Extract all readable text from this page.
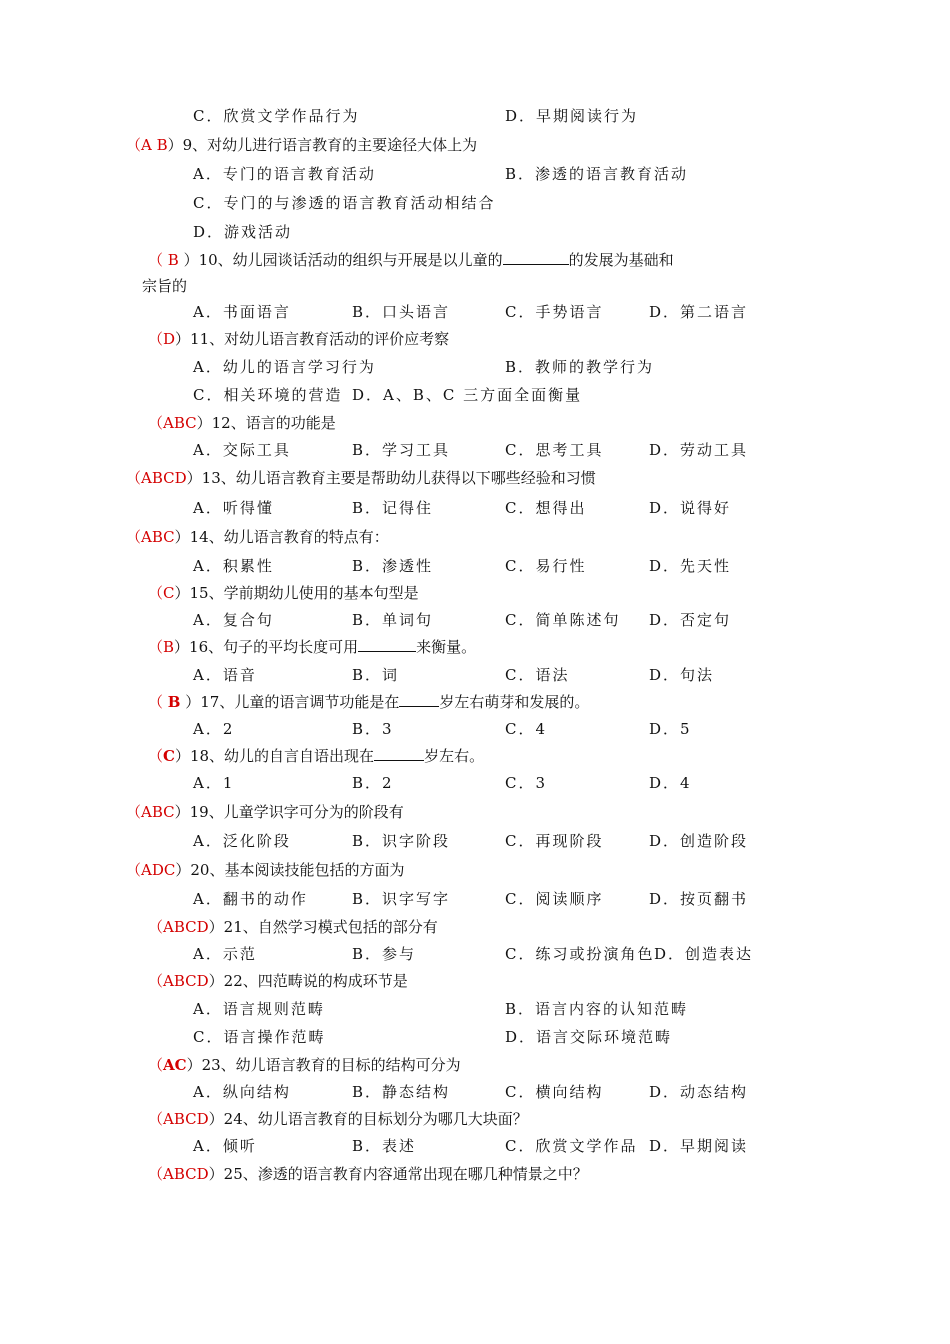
C．欣赏文学作品行为	D．早期阅读行为
（A B）9、对幼儿进行语言教育的主要途径大体上为
A．专门的语言教育活动	B．渗透的语言教育活动
C．专门的与渗透的语言教育活动相结合
D．游戏活动
（ B ）10、幼儿园谈话活动的组织与开展是以儿童的	的发展为基础和
宗旨的
A．书面语言	B．口头语言	C．手势语言	D．第二语言
（D）11、对幼儿语言教育活动的评价应考察
A．幼儿的语言学习行为	B．教师的教学行为
C．相关环境的营造 D．A、B、C 三方面全面衡量
（ABC）12、语言的功能是
A．交际工具	B．学习工具	C．思考工具	D．劳动工具
（ABCD）13、幼儿语言教育主要是帮助幼儿获得以下哪些经验和习惯
A．听得懂	B．记得住	C．想得出	D．说得好
（ABC）14、幼儿语言教育的特点有：
A．积累性	B．渗透性	C．易行性	D．先天性
（C）15、学前期幼儿使用的基本句型是
A．复合句	B．单词句	C．简单陈述句 D．否定句
（B）16、句子的平均长度可用	来衡量。
A．语音	B．词	C．语法	D．句法
（ B ）17、儿童的语言调节功能是在	岁左右萌芽和发展的。
A．2	B．3	C．4	D．5
（C）18、幼儿的自言自语出现在	岁左右。
A．1	B．2	C．3	D．4
（ABC）19、儿童学识字可分为的阶段有
A．泛化阶段	B．识字阶段	C．再现阶段	D．创造阶段
（ADC）20、基本阅读技能包括的方面为
A．翻书的动作	B．识字写字	C．阅读顺序	D．按页翻书
（ABCD）21、自然学习模式包括的部分有
A．示范	B．参与	C．练习或扮演角色 D．创造表达
（ABCD）22、四范畴说的构成环节是
A．语言规则范畴	B．语言内容的认知范畴
C．语言操作范畴	D．语言交际环境范畴
（AC）23、幼儿语言教育的目标的结构可分为
A．纵向结构	B．静态结构	C．横向结构	D．动态结构
（ABCD）24、幼儿语言教育的目标划分为哪几大块面？
A．倾听	B．表述	C．欣赏文学作品 D．早期阅读
（ABCD）25、渗透的语言教育内容通常出现在哪几种情景之中？
